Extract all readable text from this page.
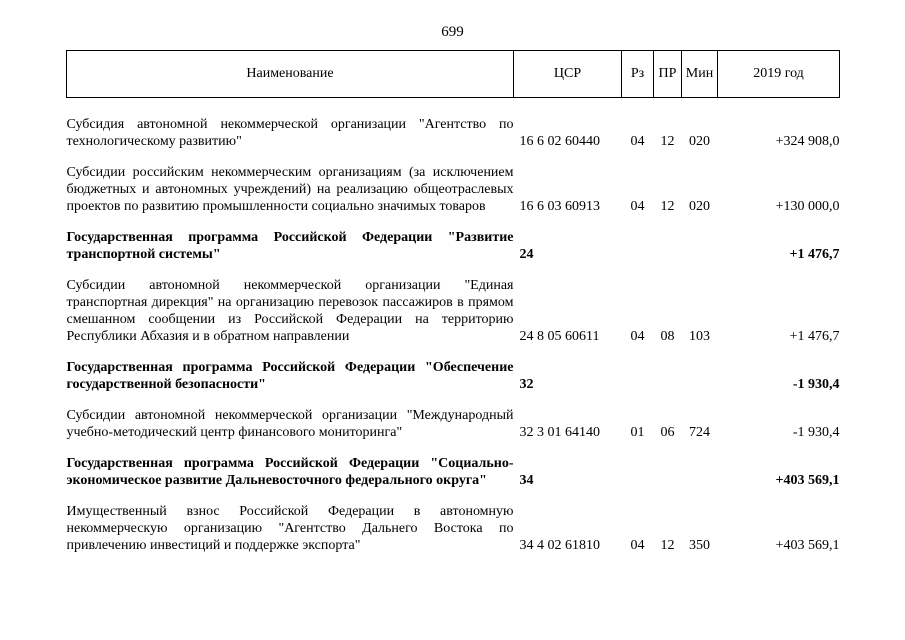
699
Наименование	ЦСР	Рз	ПР	Мин	2019 год

Субсидия автономной некоммерческой организации "Агентство по технологическому развитию"	16 6 02 60440	04	12	020	+324 908,0

Субсидии российским некоммерческим организациям (за исключением бюджетных и автономных учреждений) на реализацию общеотраслевых проектов по развитию промышленности социально значимых товаров	16 6 03 60913	04	12	020	+130 000,0

Государственная программа Российской Федерации "Развитие транспортной системы"	24				+1 476,7

Субсидии автономной некоммерческой организации "Единая транспортная дирекция" на организацию перевозок пассажиров в прямом смешанном сообщении из Российской Федерации на территорию Республики Абхазия и в обратном направлении	24 8 05 60611	04	08	103	+1 476,7

Государственная программа Российской Федерации "Обеспечение государственной безопасности"	32				-1 930,4

Субсидии автономной некоммерческой организации "Международный учебно-методический центр финансового мониторинга"	32 3 01 64140	01	06	724	-1 930,4

Государственная программа Российской Федерации "Социально-экономическое развитие Дальневосточного федерального округа"	34				+403 569,1

Имущественный взнос Российской Федерации в автономную некоммерческую организацию "Агентство Дальнего Востока по привлечению инвестиций и поддержке экспорта"	34 4 02 61810	04	12	350	+403 569,1
